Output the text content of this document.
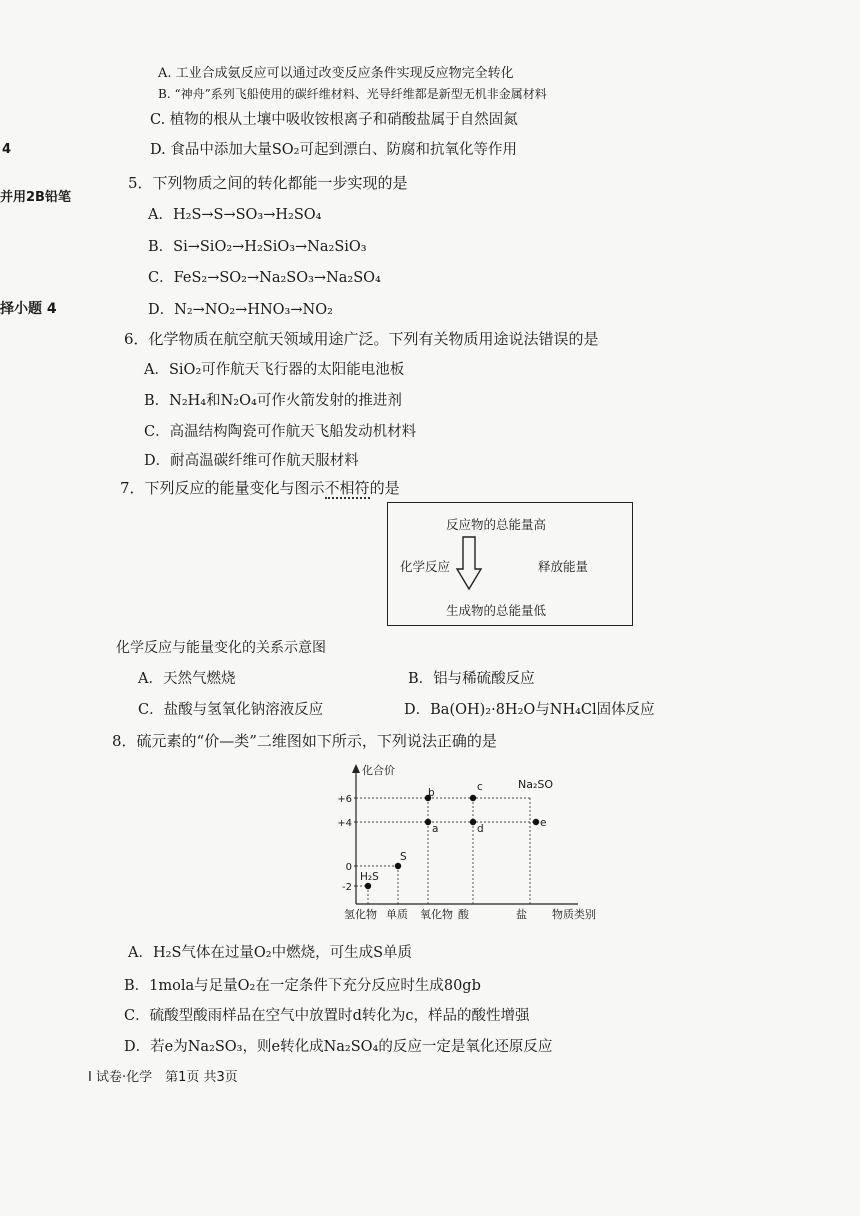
4
并用2B铅笔
择小题 4
A. 工业合成氨反应可以通过改变反应条件实现反应物完全转化
B. “神舟”系列飞船使用的碳纤维材料、光导纤维都是新型无机非金属材料
C. 植物的根从土壤中吸收铵根离子和硝酸盐属于自然固氮
D. 食品中添加大量SO₂可起到漂白、防腐和抗氧化等作用
5．下列物质之间的转化都能一步实现的是
A．H₂S→S→SO₃→H₂SO₄
B．Si→SiO₂→H₂SiO₃→Na₂SiO₃
C．FeS₂→SO₂→Na₂SO₃→Na₂SO₄
D．N₂→NO₂→HNO₃→NO₂
6．化学物质在航空航天领域用途广泛。下列有关物质用途说法错误的是
A．SiO₂可作航天飞行器的太阳能电池板
B．N₂H₄和N₂O₄可作火箭发射的推进剂
C．高温结构陶瓷可作航天飞船发动机材料
D．耐高温碳纤维可作航天服材料
7．下列反应的能量变化与图示不相符的是
反应物的总能量高
化学反应	释放能量
生成物的总能量低
化学反应与能量变化的关系示意图
A．天然气燃烧	B．铝与稀硫酸反应
C．盐酸与氢氧化钠溶液反应	D．Ba(OH)₂·8H₂O与NH₄Cl固体反应
8．硫元素的“价—类”二维图如下所示，下列说法正确的是
化合价
+6
+4
0
-2
氢化物 单质 氧化物 酸	盐 物质类别
H₂S
S
b
a
c
d	e
Na₂SO
A．H₂S气体在过量O₂中燃烧，可生成S单质
B．1mola与足量O₂在一定条件下充分反应时生成80gb
C．硫酸型酸雨样品在空气中放置时d转化为c，样品的酸性增强
D．若e为Na₂SO₃，则e转化成Na₂SO₄的反应一定是氧化还原反应
I 试卷·化学　第1页 共3页
